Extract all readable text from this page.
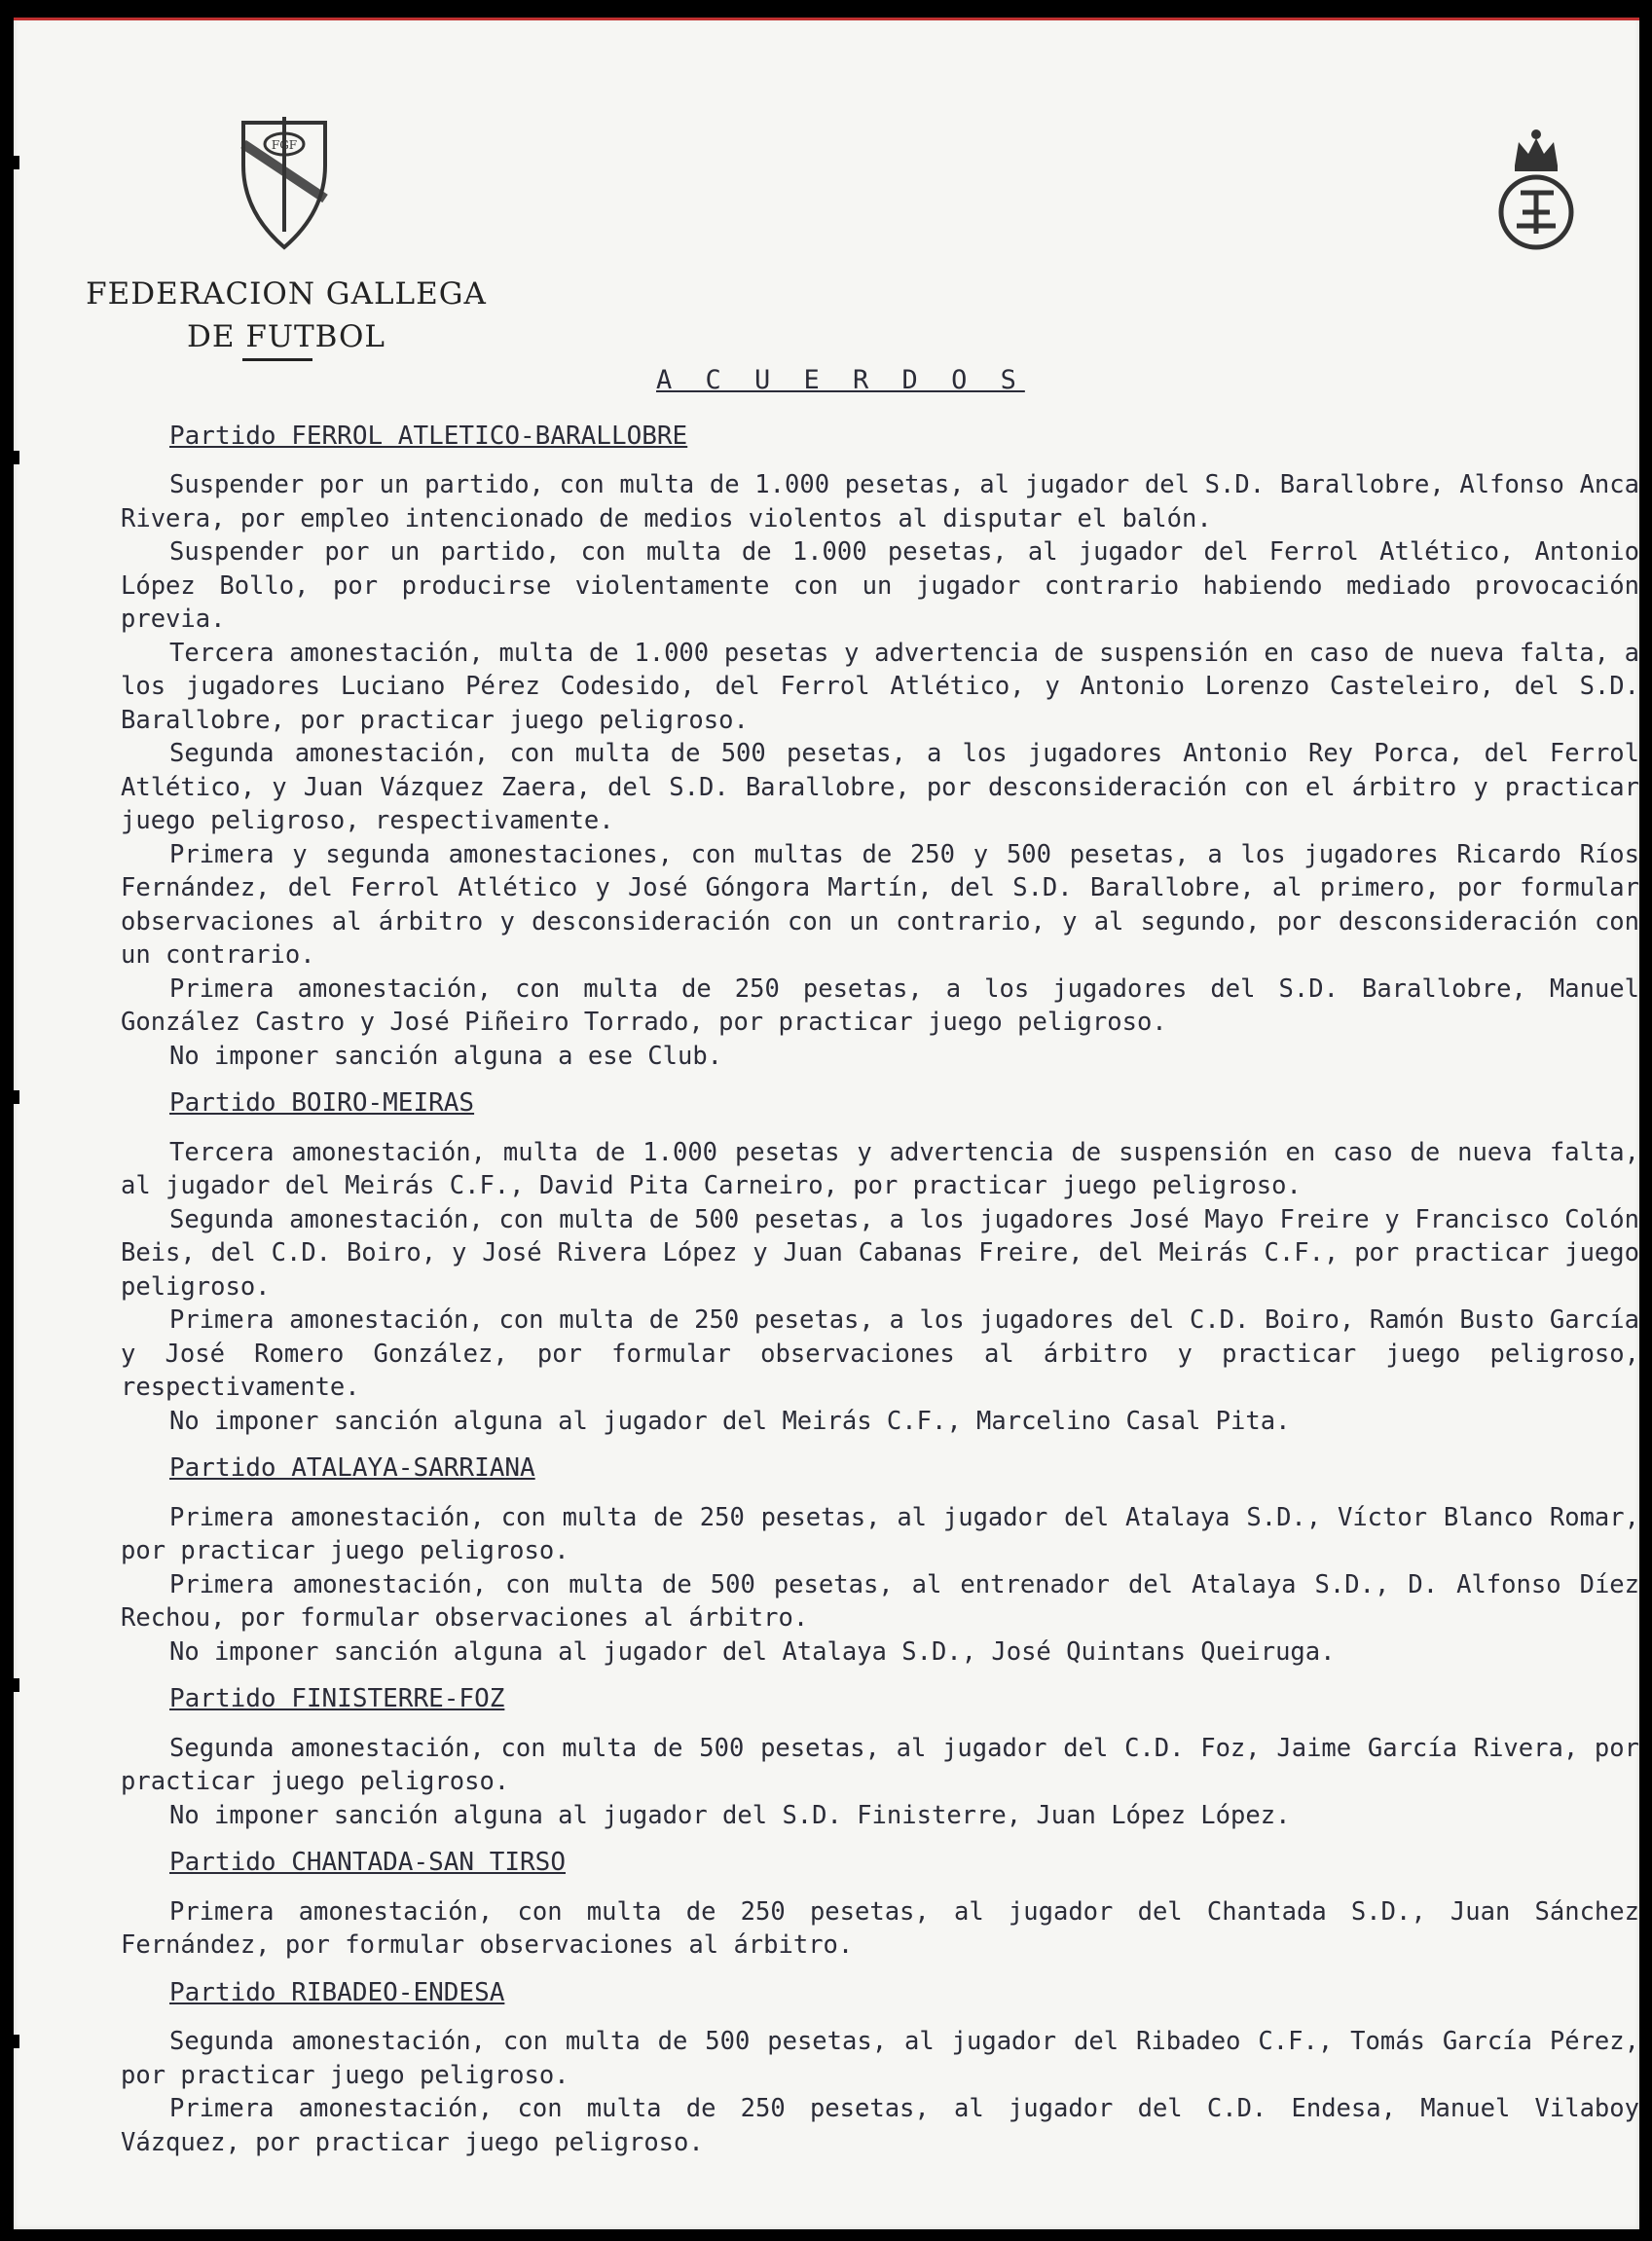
FGF
FEDERACION GALLEGA
DE FUTBOL
A C U E R D O S
Partido FERROL ATLETICO-BARALLOBRE

Suspender por un partido, con multa de 1.000 pesetas, al jugador del S.D. Barallobre, Alfonso Anca Rivera, por empleo intencionado de medios violentos al disputar el balón.

Suspender por un partido, con multa de 1.000 pesetas, al jugador del Ferrol Atlético, Antonio López Bollo, por producirse violentamente con un jugador contrario habiendo mediado provocación previa.

Tercera amonestación, multa de 1.000 pesetas y advertencia de suspensión en caso de nueva falta, a los jugadores Luciano Pérez Codesido, del Ferrol Atlético, y Antonio Lorenzo Casteleiro, del S.D. Barallobre, por practicar juego peligroso.

Segunda amonestación, con multa de 500 pesetas, a los jugadores Antonio Rey Porca, del Ferrol Atlético, y Juan Vázquez Zaera, del S.D. Barallobre, por desconsideración con el árbitro y practicar juego peligroso, respectivamente.

Primera y segunda amonestaciones, con multas de 250 y 500 pesetas, a los jugadores Ricardo Ríos Fernández, del Ferrol Atlético y José Góngora Martín, del S.D. Barallobre, al primero, por formular observaciones al árbitro y desconsideración con un contrario, y al segundo, por desconsideración con un contrario.

Primera amonestación, con multa de 250 pesetas, a los jugadores del S.D. Barallobre, Manuel González Castro y José Piñeiro Torrado, por practicar juego peligroso.

No imponer sanción alguna a ese Club.

Partido BOIRO-MEIRAS

Tercera amonestación, multa de 1.000 pesetas y advertencia de suspensión en caso de nueva falta, al jugador del Meirás C.F., David Pita Carneiro, por practicar juego peligroso.

Segunda amonestación, con multa de 500 pesetas, a los jugadores José Mayo Freire y Francisco Colón Beis, del C.D. Boiro, y José Rivera López y Juan Cabanas Freire, del Meirás C.F., por practicar juego peligroso.

Primera amonestación, con multa de 250 pesetas, a los jugadores del C.D. Boiro, Ramón Busto García y José Romero González, por formular observaciones al árbitro y practicar juego peligroso, respectivamente.

No imponer sanción alguna al jugador del Meirás C.F., Marcelino Casal Pita.

Partido ATALAYA-SARRIANA

Primera amonestación, con multa de 250 pesetas, al jugador del Atalaya S.D., Víctor Blanco Romar, por practicar juego peligroso.

Primera amonestación, con multa de 500 pesetas, al entrenador del Atalaya S.D., D. Alfonso Díez Rechou, por formular observaciones al árbitro.

No imponer sanción alguna al jugador del Atalaya S.D., José Quintans Queiruga.

Partido FINISTERRE-FOZ

Segunda amonestación, con multa de 500 pesetas, al jugador del C.D. Foz, Jaime García Rivera, por practicar juego peligroso.

No imponer sanción alguna al jugador del S.D. Finisterre, Juan López López.

Partido CHANTADA-SAN TIRSO

Primera amonestación, con multa de 250 pesetas, al jugador del Chantada S.D., Juan Sánchez Fernández, por formular observaciones al árbitro.

Partido RIBADEO-ENDESA

Segunda amonestación, con multa de 500 pesetas, al jugador del Ribadeo C.F., Tomás García Pérez, por practicar juego peligroso.

Primera amonestación, con multa de 250 pesetas, al jugador del C.D. Endesa, Manuel Vilaboy Vázquez, por practicar juego peligroso.
